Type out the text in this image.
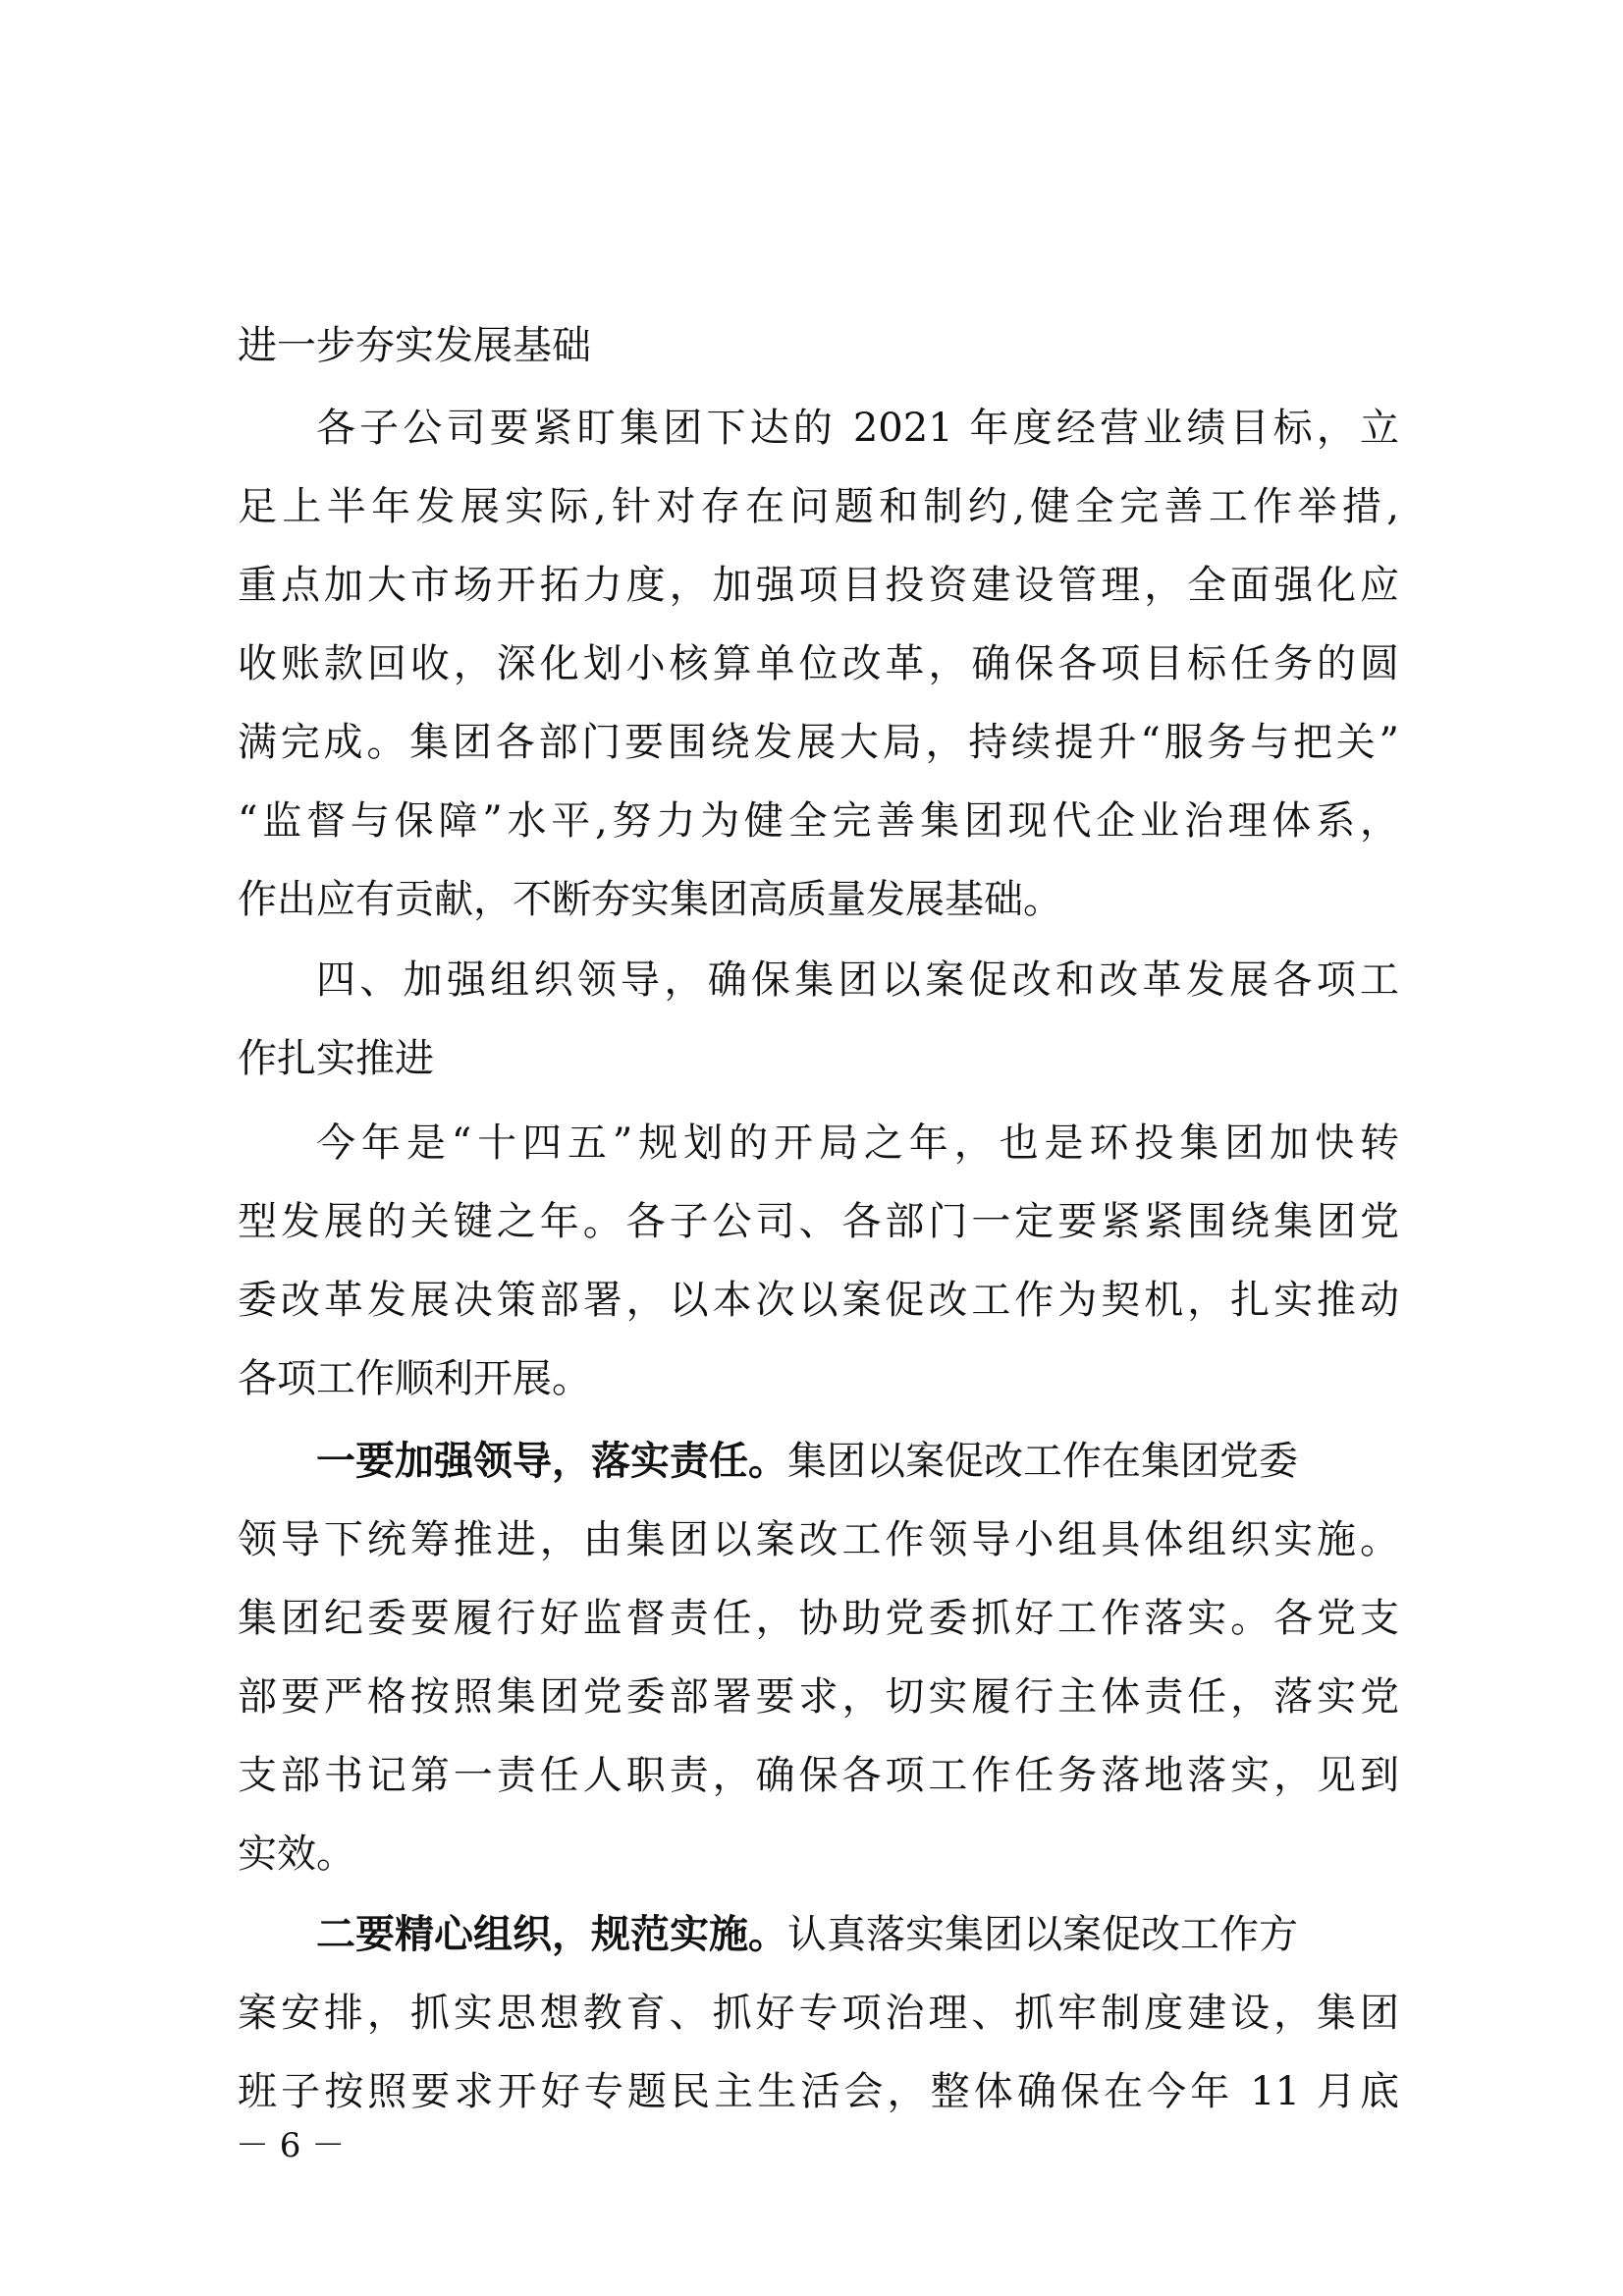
进一步夯实发展基础
各子公司要紧盯集团下达的 2021 年度经营业绩目标，立
足上半年发展实际,针对存在问题和制约,健全完善工作举措,
重点加大市场开拓力度，加强项目投资建设管理，全面强化应
收账款回收，深化划小核算单位改革，确保各项目标任务的圆
满完成。集团各部门要围绕发展大局，持续提升“服务与把关”
“监督与保障”水平,努力为健全完善集团现代企业治理体系，
作出应有贡献，不断夯实集团高质量发展基础。
四、加强组织领导，确保集团以案促改和改革发展各项工
作扎实推进
今年是“十四五”规划的开局之年，也是环投集团加快转
型发展的关键之年。各子公司、各部门一定要紧紧围绕集团党
委改革发展决策部署，以本次以案促改工作为契机，扎实推动
各项工作顺利开展。
一要加强领导，落实责任。集团以案促改工作在集团党委
领导下统筹推进，由集团以案改工作领导小组具体组织实施。
集团纪委要履行好监督责任，协助党委抓好工作落实。各党支
部要严格按照集团党委部署要求，切实履行主体责任，落实党
支部书记第一责任人职责，确保各项工作任务落地落实，见到
实效。
二要精心组织，规范实施。认真落实集团以案促改工作方
案安排，抓实思想教育、抓好专项治理、抓牢制度建设，集团
班子按照要求开好专题民主生活会，整体确保在今年 11 月底
－ 6 －
